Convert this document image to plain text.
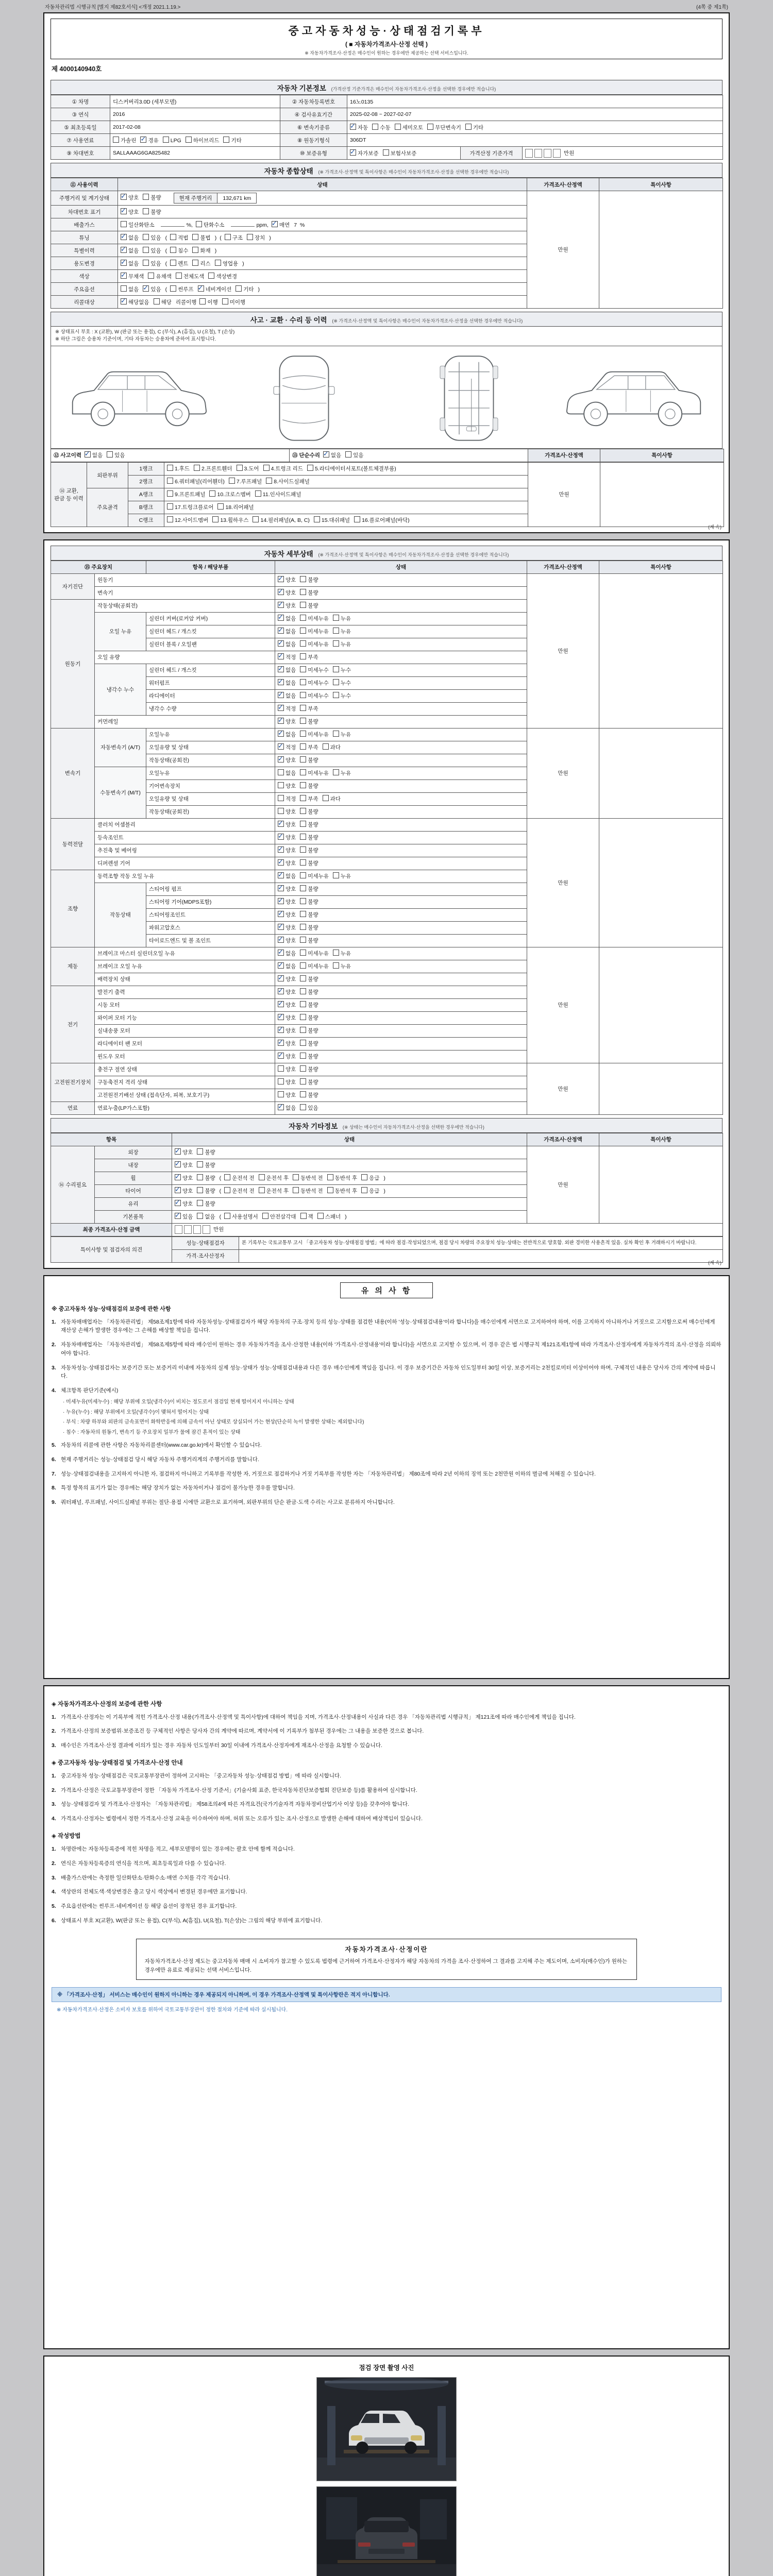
자동차관리법 시행규칙 [별지 제82호서식] <개정 2021.1.19.>	(4쪽 중 제1쪽)
중고자동차성능·상태점검기록부
( ■ 자동차가격조사·산정 선택 )
※ 자동차가격조사·산정은 매수인이 원하는 경우에만 제공하는 선택 서비스입니다.
제 4000140940호
자동차 기본정보 (가격산정 기준가격은 매수인이 자동차가격조사·산정을 선택한 경우에만 적습니다)
① 차명	디스커버리3.0D (세부모델)	② 자동차등록번호	16노0135		
③ 연식	2016	④ 검사유효기간	2025-02-08 ~ 2027-02-07		
⑤ 최초등록일	2017-02-08	⑥ 변속기종류	✓자동 수동 세미오토 무단변속기 기타
⑦ 사용연료	가솔린 ✓ 경유 LPG 하이브리드 기타	⑧ 원동기형식	306DT		
⑨ 차대번호	SALLAAAG6GA825482	⑩ 보증유형	✓자가보증 보험사보증	가격산정 기준가격	만원
자동차 종합상태 (※ 가격조사·산정액 및 특이사항은 매수인이 자동차가격조사·산정을 선택한 경우에만 적습니다)
⑪ 사용이력	상태	가격조사·산정액	특이사항
주행거리 및 계기상태	✓양호 불량 현재 주행거리	132,671 km	만원	
차대번호 표기	✓양호 불량
배출가스	일산화탄소 %, 탄화수소 ppm, ✓ 매연 7 %
튜닝	✓없음 있음 ( 적법 불법 ) ( 구조 장치 )
특별이력	✓없음 있음 ( 침수 화재 )
용도변경	✓없음 있음 ( 렌트 리스 영업용 )
색상	✓무채색 유채색 전체도색 색상변경
주요옵션	없음 ✓ 있음 ( 썬루프 ✓ 네비게이션 기타 )
리콜대상	✓해당없음 해당 리콜이행 이행 미이행
사고 · 교환 · 수리 등 이력 (※ 가격조사·산정액 및 특이사항은 매수인이 자동차가격조사·산정을 선택한 경우에만 적습니다)
※ 상태표시 부호 : X (교환), W (판금 또는 용접), C (부식), A (흠집), U (요철), T (손상)
※ 하단 그림은 승용차 기준이며, 기타 자동차는 승용차에 준하여 표시합니다.
⑫ 사고이력 ✓ 없음 있음	⑬ 단순수리 ✓ 없음 있음	가격조사·산정액	특이사항
⑭ 교환, 판금 등 이력	외판부위	1랭크	1.후드 2.프론트휀더 3.도어 4.트렁크 리드 5.라디에이터서포트(볼트체결부품)	만원	
		2랭크	6.쿼터패널(리어휀더) 7.루프패널 8.사이드실패널		
	주요골격	A랭크	9.프론트패널 10.크로스멤버 11.인사이드패널		
		B랭크	17.트렁크플로어 18.리어패널		
		C랭크	12.사이드멤버 13.휠하우스 14.필러패널(A, B, C) 15.대쉬패널 16.플로어패널(바닥)		
(계 속)
자동차 세부상태 (※ 가격조사·산정액 및 특이사항은 매수인이 자동차가격조사·산정을 선택한 경우에만 적습니다)
⑮ 주요장치		항목 / 해당부품	상태	가격조사·산정액	특이사항
자기진단	원동기	✓양호 불량	만원	
	변속기	✓양호 불량
원동기	작동상태(공회전)	✓양호 불량
	오일 누유	실린더 커버(로커암 커버)	✓없음 미세누유 누유
		실린더 헤드 / 개스킷	✓없음 미세누유 누유
		실린더 블록 / 오일팬	✓없음 미세누유 누유
	오일 유량	✓적정 부족
	냉각수 누수	실린더 헤드 / 개스킷	✓없음 미세누수 누수
		워터펌프	✓없음 미세누수 누수
		라디에이터	✓없음 미세누수 누수
		냉각수 수량	✓적정 부족
	커먼레일	✓양호 불량
변속기	자동변속기 (A/T)	오일누유	✓없음 미세누유 누유	만원	
		오일유량 및 상태	✓적정 부족 과다
		작동상태(공회전)	✓양호 불량
	수동변속기 (M/T)	오일누유	없음 미세누유 누유		
		기어변속장치	양호 불량		
		오일유량 및 상태	적정 부족 과다		
		작동상태(공회전)	양호 불량		
동력전달	클러치 어셈블리	✓양호 불량	만원	
	등속조인트	✓양호 불량
	추진축 및 베어링	✓양호 불량
	디퍼렌셜 기어	✓양호 불량
조향	동력조향 작동 오일 누유	✓없음 미세누유 누유
	작동상태	스티어링 펌프	✓양호 불량
		스티어링 기어(MDPS포함)	✓양호 불량
		스티어링조인트	✓양호 불량
		파워고압호스	✓양호 불량
		타이로드엔드 및 볼 조인트	✓양호 불량
제동	브레이크 마스터 실린더오일 누유	✓없음 미세누유 누유	만원	
	브레이크 오일 누유	✓없음 미세누유 누유
	배력장치 상태	✓양호 불량
전기	발전기 출력	✓양호 불량
	시동 모터	✓양호 불량
	와이퍼 모터 기능	✓양호 불량
	실내송풍 모터	✓양호 불량
	라디에이터 팬 모터	✓양호 불량
	윈도우 모터	✓양호 불량
고전원전기장치	충전구 절연 상태		양호 불량	만원	
	구동축전지 격리 상태		양호 불량		
	고전원전기배선 상태 (접속단자, 피복, 보호기구)		양호 불량		
연료	연료누출(LP가스포함)	✓없음 있음
자동차 기타정보 (※ 상태는 매수인이 자동차가격조사·산정을 선택한 경우에만 적습니다)
항목		상태	가격조사·산정액	특이사항
⑯ 수리필요	외장	✓양호 불량	만원	
	내장	✓양호 불량
	휠	✓양호 불량 ( 운전석 전 운전석 후 동반석 전 동반석 후 응급 )
	타이어	✓양호 불량 ( 운전석 전 운전석 후 동반석 전 동반석 후 응급 )
	유리	✓양호 불량
	기본품목	✓있음 없음 ( 사용설명서 안전삼각대 잭 스패너 )
최종 가격조사·산정 금액		만원		
특이사항 및 점검자의 의견	성능·상태점검자	본 기록부는 국토교통부 고시 「중고자동차 성능·상태점검 방법」에 따라 점검·작성되었으며, 점검 당시 차량의 주요장치 성능·상태는 전반적으로 양호함. 외판 경미한 사용흔적 있음. 실차 확인 후 거래하시기 바랍니다.
	가격·조사산정자	
(계 속)
유 의 사 항
※ 중고자동차 성능·상태점검의 보증에 관한 사항
1. 자동차매매업자는 「자동차관리법」 제58조제1항에 따라 자동차성능·상태점검자가 해당 자동차의 구조·장치 등의 성능·상태를 점검한 내용(이하 '성능·상태점검내용'이라 합니다)을 매수인에게 서면으로 고지하여야 하며, 이를 고지하지 아니하거나 거짓으로 고지함으로써 매수인에게 재산상 손해가 발생한 경우에는 그 손해를 배상할 책임을 집니다.
2. 자동차매매업자는 「자동차관리법」 제58조제5항에 따라 매수인이 원하는 경우 자동차가격을 조사·산정한 내용(이하 '가격조사·산정내용'이라 합니다)을 서면으로 고지할 수 있으며, 이 경우 같은 법 시행규칙 제121조제1항에 따라 가격조사·산정자에게 자동차가격의 조사·산정을 의뢰하여야 합니다.
3. 자동차성능·상태점검자는 보증기간 또는 보증거리 이내에 자동차의 실제 성능·상태가 성능·상태점검내용과 다른 경우 매수인에게 책임을 집니다. 이 경우 보증기간은 자동차 인도일부터 30일 이상, 보증거리는 2천킬로미터 이상이어야 하며, 구체적인 내용은 당사자 간의 계약에 따릅니다.
4. 체크항목 판단기준(예시)
· 미세누유(미세누수) : 해당 부위에 오일(냉각수)이 비치는 정도로서 점검일 현재 떨어지지 아니하는 상태
· 누유(누수) : 해당 부위에서 오일(냉각수)이 맺혀서 떨어지는 상태
· 부식 : 차량 하부와 외판의 금속표면이 화학반응에 의해 금속이 아닌 상태로 상실되어 가는 현상(단순히 녹이 발생한 상태는 제외합니다)
· 침수 : 자동차의 원동기, 변속기 등 주요장치 일부가 물에 잠긴 흔적이 있는 상태
5. 자동차의 리콜에 관한 사항은 자동차리콜센터(www.car.go.kr)에서 확인할 수 있습니다.
6. 현재 주행거리는 성능·상태점검 당시 해당 자동차 주행거리계의 주행거리를 말합니다.
7. 성능·상태점검내용을 고지하지 아니한 자, 점검하지 아니하고 기록부를 작성한 자, 거짓으로 점검하거나 거짓 기록부를 작성한 자는 「자동차관리법」 제80조에 따라 2년 이하의 징역 또는 2천만원 이하의 벌금에 처해질 수 있습니다.
8. 특정 항목의 표기가 없는 경우에는 해당 장치가 없는 자동차이거나 점검이 불가능한 경우를 말합니다.
9. 쿼터패널, 루프패널, 사이드실패널 부위는 절단·용접 시에만 교환으로 표기하며, 외판부위의 단순 판금·도색 수리는 사고로 분류하지 아니합니다.
◈ 자동차가격조사·산정의 보증에 관한 사항
1. 가격조사·산정자는 이 기록부에 적힌 가격조사·산정 내용(가격조사·산정액 및 특이사항)에 대하여 책임을 지며, 가격조사·산정내용이 사실과 다른 경우 「자동차관리법 시행규칙」 제121조에 따라 매수인에게 책임을 집니다.
2. 가격조사·산정의 보증범위·보증조건 등 구체적인 사항은 당사자 간의 계약에 따르며, 계약서에 이 기록부가 첨부된 경우에는 그 내용을 보증한 것으로 봅니다.
3. 매수인은 가격조사·산정 결과에 이의가 있는 경우 자동차 인도일부터 30일 이내에 가격조사·산정자에게 재조사·산정을 요청할 수 있습니다.
◈ 중고자동차 성능·상태점검 및 가격조사·산정 안내
1. 중고자동차 성능·상태점검은 국토교통부장관이 정하여 고시하는 「중고자동차 성능·상태점검 방법」에 따라 실시합니다.
2. 가격조사·산정은 국토교통부장관이 정한 「자동차 가격조사·산정 기준서」(기술사회 표준, 한국자동차진단보증협회 진단보증 등)를 활용하여 실시합니다.
3. 성능·상태점검자 및 가격조사·산정자는 「자동차관리법」 제58조의4에 따른 자격요건(국가기술자격 자동차정비산업기사 이상 등)을 갖추어야 합니다.
4. 가격조사·산정자는 법령에서 정한 가격조사·산정 교육을 이수하여야 하며, 허위 또는 오류가 있는 조사·산정으로 발생한 손해에 대하여 배상책임이 있습니다.
◈ 작성방법
1. 차명란에는 자동차등록증에 적힌 차명을 적고, 세부모델명이 있는 경우에는 괄호 안에 함께 적습니다.
2. 연식은 자동차등록증의 연식을 적으며, 최초등록일과 다를 수 있습니다.
3. 배출가스란에는 측정한 일산화탄소·탄화수소·매연 수치를 각각 적습니다.
4. 색상란의 전체도색·색상변경은 출고 당시 색상에서 변경된 경우에만 표기합니다.
5. 주요옵션란에는 썬루프·네비게이션 등 해당 옵션이 장착된 경우 표기합니다.
6. 상태표시 부호 X(교환), W(판금 또는 용접), C(부식), A(흠집), U(요철), T(손상)는 그림의 해당 부위에 표기합니다.
자동차가격조사·산정이란
자동차가격조사·산정 제도는 중고자동차 매매 시 소비자가 참고할 수 있도록 법령에 근거하여 가격조사·산정자가 해당 자동차의 가격을 조사·산정하여 그 결과를 고지해 주는 제도이며, 소비자(매수인)가 원하는 경우에만 유료로 제공되는 선택 서비스입니다.
※ 「가격조사·산정」 서비스는 매수인이 원하지 아니하는 경우 제공되지 아니하며, 이 경우 가격조사·산정액 및 특이사항란은 적지 아니합니다.
※ 자동차가격조사·산정은 소비자 보호를 위하여 국토교통부장관이 정한 절차와 기준에 따라 실시됩니다.
점검 장면 촬영 사진
